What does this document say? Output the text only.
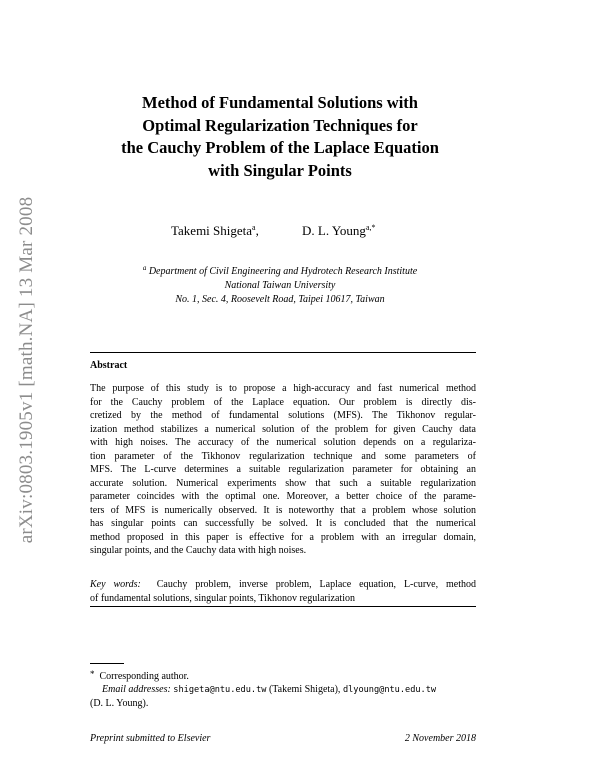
arXiv:0803.1905v1 [math.NA] 13 Mar 2008
Method of Fundamental Solutions with
Optimal Regularization Techniques for
the Cauchy Problem of the Laplace Equation
with Singular Points
Takemi Shigeta$^a$,	D. L. Young$^{a,*}$
$^a$ Department of Civil Engineering and Hydrotech Research Institute
National Taiwan University
No. 1, Sec. 4, Roosevelt Road, Taipei 10617, Taiwan
Abstract
The purpose of this study is to propose a high-accuracy and fast numerical method
for the Cauchy problem of the Laplace equation. Our problem is directly dis-
cretized by the method of fundamental solutions (MFS). The Tikhonov regular-
ization method stabilizes a numerical solution of the problem for given Cauchy data
with high noises. The accuracy of the numerical solution depends on a regulariza-
tion parameter of the Tikhonov regularization technique and some parameters of
MFS. The L-curve determines a suitable regularization parameter for obtaining an
accurate solution. Numerical experiments show that such a suitable regularization
parameter coincides with the optimal one. Moreover, a better choice of the parame-
ters of MFS is numerically observed. It is noteworthy that a problem whose solution
has singular points can successfully be solved. It is concluded that the numerical
method proposed in this paper is effective for a problem with an irregular domain,
singular points, and the Cauchy data with high noises.
Key words: Cauchy problem, inverse problem, Laplace equation, L-curve, method
of fundamental solutions, singular points, Tikhonov regularization
* Corresponding author.
Email addresses: shigeta@ntu.edu.tw (Takemi Shigeta), dlyoung@ntu.edu.tw
(D. L. Young).
Preprint submitted to Elsevier	2 November 2018
